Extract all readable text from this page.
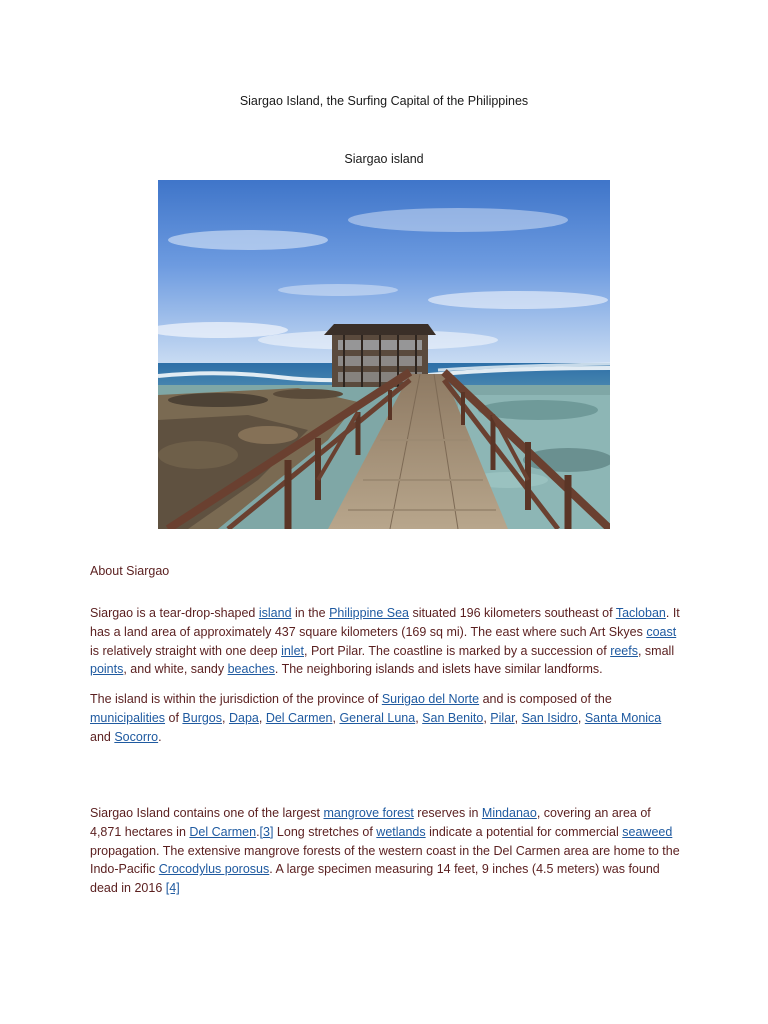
Siargao Island, the Surfing Capital of the Philippines
Siargao island
About Siargao
Siargao is a tear-drop-shaped island in the Philippine Sea situated 196 kilometers southeast of Tacloban. It has a land area of approximately 437 square kilometers (169 sq mi). The east where such Art Skyes coast is relatively straight with one deep inlet, Port Pilar. The coastline is marked by a succession of reefs, small points, and white, sandy beaches. The neighboring islands and islets have similar landforms.
The island is within the jurisdiction of the province of Surigao del Norte and is composed of the municipalities of Burgos, Dapa, Del Carmen, General Luna, San Benito, Pilar, San Isidro, Santa Monica and Socorro.
Siargao Island contains one of the largest mangrove forest reserves in Mindanao, covering an area of 4,871 hectares in Del Carmen.[3] Long stretches of wetlands indicate a potential for commercial seaweed propagation. The extensive mangrove forests of the western coast in the Del Carmen area are home to the Indo-Pacific Crocodylus porosus. A large specimen measuring 14 feet, 9 inches (4.5 meters) was found dead in 2016 [4]
